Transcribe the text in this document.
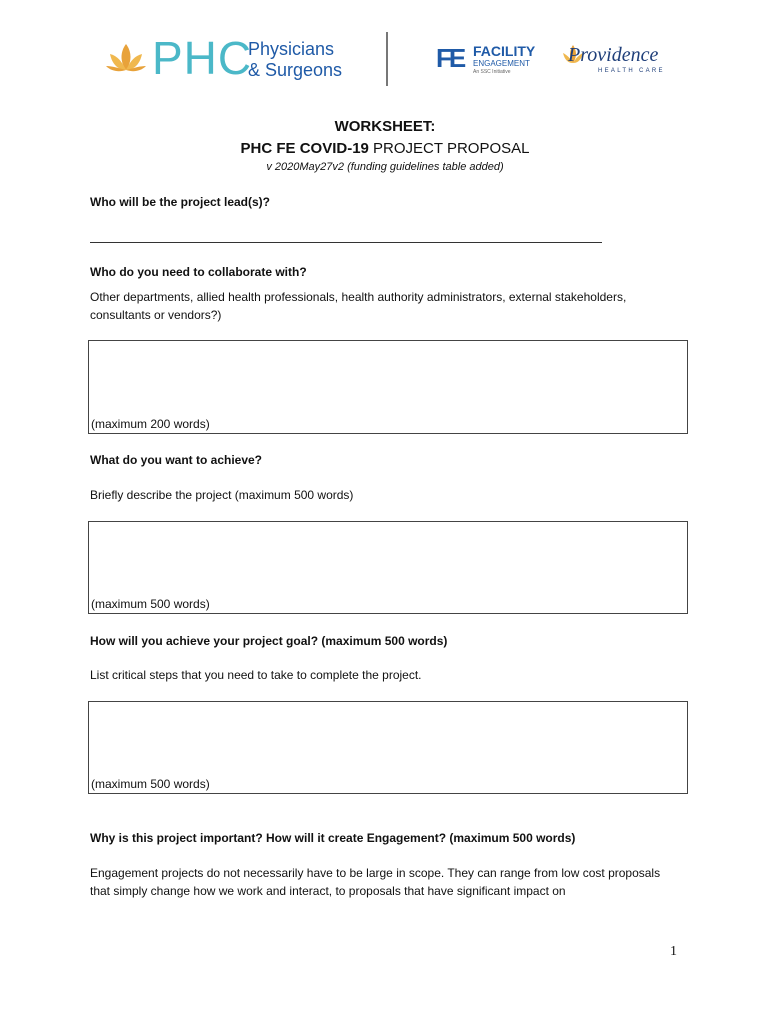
PHC
Physicians
& Surgeons	FE FACILITY
ENGAGEMENT
An SSC Initiative
Providence
HEALTH CARE
WORKSHEET:
PHC FE COVID-19 PROJECT PROPOSAL
v 2020May27v2 (funding guidelines table added)
Who will be the project lead(s)?
Who do you need to collaborate with?
Other departments, allied health professionals, health authority administrators, external stakeholders, consultants or vendors?)
(maximum 200 words)
What do you want to achieve?
Briefly describe the project (maximum 500 words)
(maximum 500 words)
How will you achieve your project goal? (maximum 500 words)
List critical steps that you need to take to complete the project.
(maximum 500 words)
Why is this project important? How will it create Engagement? (maximum 500 words)
Engagement projects do not necessarily have to be large in scope. They can range from low cost proposals that simply change how we work and interact, to proposals that have significant impact on
1
